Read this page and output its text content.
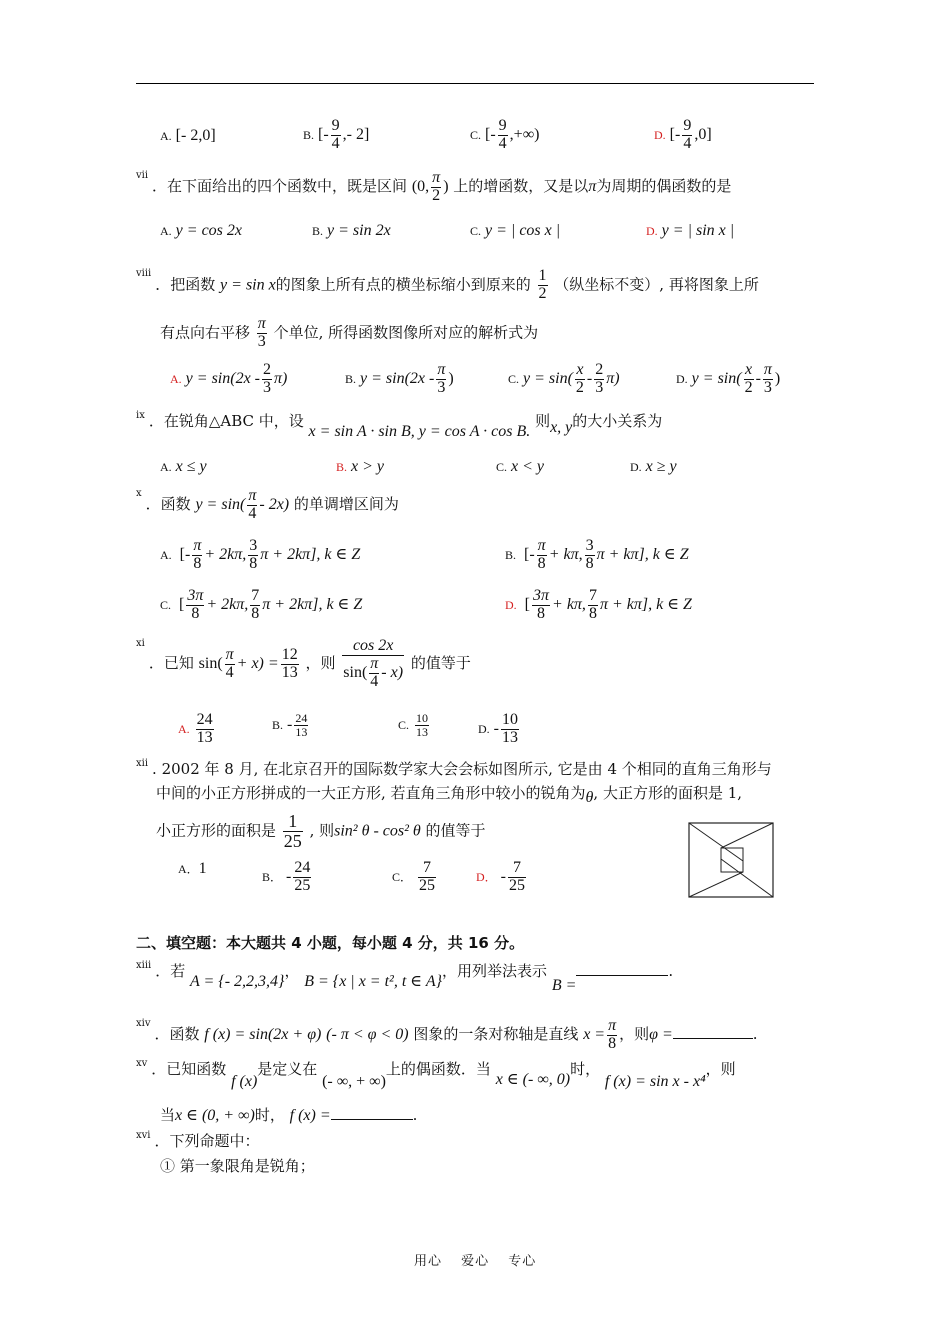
A. [- 2,0]	B. [- $\frac{9}{4}$ ,- 2]	C. [- $\frac{9}{4}$ ,+∞)	D. [- $\frac{9}{4} ,0$]
$^{vii}$．在下面给出的四个函数中，既是区间 (0, $\frac{\pi}{2}$ ) 上的增函数，又是以π为周期的偶函数的是
A. y = cos 2x	B. y = sin 2x	C. y = | cos x |	D. y = | sin x |
$^{viii}$．把函数 y = sin x的图象上所有点的横坐标缩小到原来的 $\frac{1}{2}$ （纵坐标不变）, 再将图象上所
有点向右平移 $\frac{\pi}{3}$ 个单位, 所得函数图像所对应的解析式为
A. $y = \sin(2x - \frac{2}{3} \pi)$	B. $y = \sin(2x - \frac{\pi}{3}$ )	C. $y = \sin( \frac{x}{2} - \frac{2}{3} \pi)$	D. $y = \sin( \frac{x}{2} - \frac{\pi}{3}$ )
$^{ix}$ ．在锐角△ABC 中，设 x = sin A · sin B, y = cos A · cos B. 则x, y的大小关系为
A. x ≤ y	B. x > y	C. x < y	D. x ≥ y
$^x$．函数 $y = \sin( \frac{\pi}{4} - 2x)$ 的单调增区间为
A. [- $\frac{\pi}{8} + 2k\pi$, $\frac{3}{8}$ π + 2kπ], k ∈ Z	B. [- $\frac{\pi}{8} + k\pi$, $\frac{3}{8}$ π + kπ], k ∈ Z
C. [ $\frac{3\pi}{8} + 2k\pi$, $\frac{7}{8}$ π + 2kπ], k ∈ Z	D. [ $\frac{3\pi}{8} + k\pi$, $\frac{7}{8}$ π + kπ], k ∈ Z
$^{xi}$．已知 $\sin( \frac{\pi}{4} + x) = \frac{12}{13}$ ，则 $\frac{\cos 2x}{\sin( \frac{\pi}{4} - x)}$ 的值等于
A. $\frac{24}{13}$	B. - $\frac{24}{13}$	C. $\frac{10}{13}$	D. - $\frac{10}{13}$
$^{xii}$ . 2002 年 8 月, 在北京召开的国际数学家大会会标如图所示, 它是由 4 个相同的直角三角形与
中间的小正方形拼成的一大正方形, 若直角三角形中较小的锐角为θ, 大正方形的面积是 1,
小正方形的面积是 $\frac{1}{25}$ , 则sin² θ - cos² θ 的值等于
A．1	B． - $\frac{24}{25}$	C． $\frac{7}{25}$	D． - $\frac{7}{25}$
二、填空题：本大题共 4 小题，每小题 4 分，共 16 分。
$^{xiii}$ ．若 A = {- 2,2,3,4}， B = {x | x = t², t ∈ A}，用列举法表示 B =.
$^{xiv}$．函数 f (x) = sin(2x + φ) (- π < φ < 0) 图象的一条对称轴是直线 $x = \frac{\pi}{8}$ ，则φ =	.
$^{xv}$ ．已知函数 f (x)是定义在 (- ∞, + ∞)上的偶函数．当 x ∈ (- ∞, 0)时， f (x) = sin x - x⁴，则
当x ∈ (0, + ∞)时， f (x) =	.
$^{xvi}$ ．下列命题中：
① 第一象限角是锐角；
用心　 爱心　 专心
